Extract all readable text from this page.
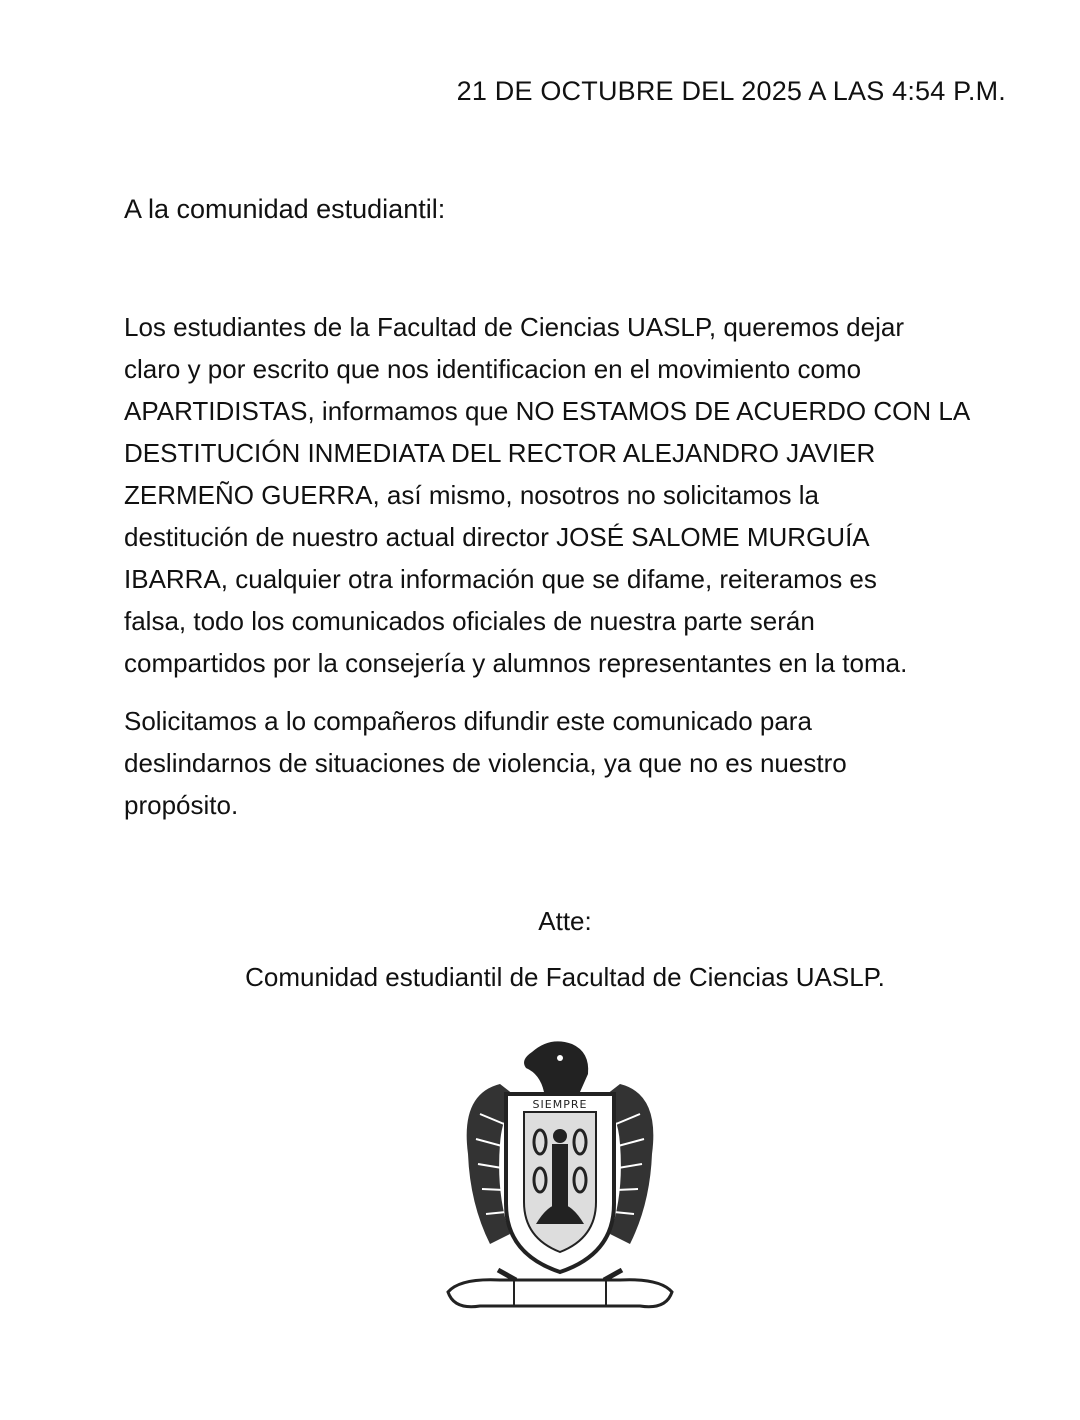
21 DE OCTUBRE DEL 2025 A LAS 4:54 P.M.
A la comunidad estudiantil:
Los estudiantes de la Facultad de Ciencias UASLP, queremos dejar
claro y por escrito que nos identificacion en el movimiento como
APARTIDISTAS, informamos que NO ESTAMOS DE ACUERDO CON LA
DESTITUCIÓN INMEDIATA DEL RECTOR ALEJANDRO JAVIER
ZERMEÑO GUERRA, así mismo, nosotros no solicitamos la
destitución de nuestro actual director JOSÉ SALOME MURGUÍA
IBARRA, cualquier otra información que se difame, reiteramos es
falsa, todo los comunicados oficiales de nuestra parte serán
compartidos por la consejería y alumnos representantes en la toma.
Solicitamos a lo compañeros difundir este comunicado para
deslindarnos de situaciones de violencia, ya que no es nuestro
propósito.
Atte:
Comunidad estudiantil de Facultad de Ciencias UASLP.
SIEMPRE
